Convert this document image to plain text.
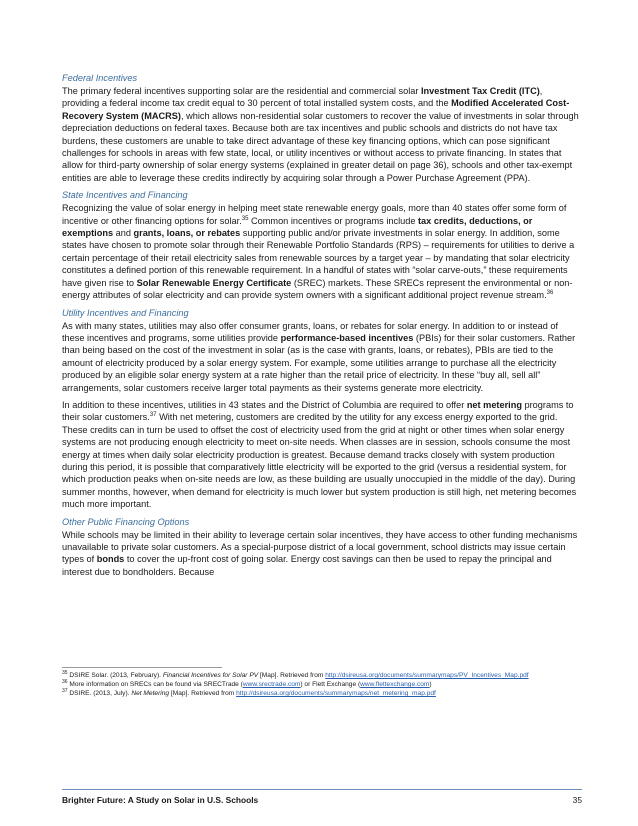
Federal Incentives

The primary federal incentives supporting solar are the residential and commercial solar Investment Tax Credit (ITC), providing a federal income tax credit equal to 30 percent of total installed system costs, and the Modified Accelerated Cost-Recovery System (MACRS), which allows non-residential solar customers to recover the value of investments in solar through depreciation deductions on federal taxes. Because both are tax incentives and public schools and districts do not have tax burdens, these customers are unable to take direct advantage of these key financing options, which can pose significant challenges for schools in areas with few state, local, or utility incentives or without access to private financing. In states that allow for third-party ownership of solar energy systems (explained in greater detail on page 36), schools and other tax-exempt entities are able to leverage these credits indirectly by acquiring solar through a Power Purchase Agreement (PPA).

State Incentives and Financing

Recognizing the value of solar energy in helping meet state renewable energy goals, more than 40 states offer some form of incentive or other financing options for solar.$^{35}$ Common incentives or programs include tax credits, deductions, or exemptions and grants, loans, or rebates supporting public and/or private investments in solar energy. In addition, some states have chosen to promote solar through their Renewable Portfolio Standards (RPS) – requirements for utilities to derive a certain percentage of their retail electricity sales from renewable sources by a target year – by mandating that solar electricity constitutes a defined portion of this renewable requirement. In a handful of states with “solar carve-outs,” these requirements have given rise to Solar Renewable Energy Certificate (SREC) markets. These SRECs represent the environmental or non-energy attributes of solar electricity and can provide system owners with a significant additional project revenue stream.$^{36}$

Utility Incentives and Financing

As with many states, utilities may also offer consumer grants, loans, or rebates for solar energy. In addition to or instead of these incentives and programs, some utilities provide performance-based incentives (PBIs) for their solar customers. Rather than being based on the cost of the investment in solar (as is the case with grants, loans, or rebates), PBIs are tied to the amount of electricity produced by a solar energy system. For example, some utilities arrange to purchase all the electricity produced by an eligible solar energy system at a rate higher than the retail price of electricity. In these “buy all, sell all” arrangements, solar customers receive larger total payments as their systems generate more electricity.

In addition to these incentives, utilities in 43 states and the District of Columbia are required to offer net metering programs to their solar customers.$^{37}$ With net metering, customers are credited by the utility for any excess energy exported to the grid. These credits can in turn be used to offset the cost of electricity used from the grid at night or other times when solar energy systems are not producing enough electricity to meet on-site needs. When classes are in session, schools consume the most energy at times when daily solar electricity production is greatest. Because demand tracks closely with system production during this period, it is possible that comparatively little electricity will be exported to the grid (versus a residential system, for which production peaks when on-site needs are low, as these building are usually unoccupied in the middle of the day). During summer months, however, when demand for electricity is much lower but system production is still high, net metering becomes much more important.

Other Public Financing Options

While schools may be limited in their ability to leverage certain solar incentives, they have access to other funding mechanisms unavailable to private solar customers. As a special-purpose district of a local government, school districts may issue certain types of bonds to cover the up-front cost of going solar. Energy cost savings can then be used to repay the principal and interest due to bondholders. Because

$^{35}$ DSIRE Solar. (2013, February). Financial Incentives for Solar PV [Map]. Retrieved from http://dsireusa.org/documents/summarymaps/PV_Incentives_Map.pdf

$^{36}$ More information on SRECs can be found via SRECTrade (www.srectrade.com) or Flett Exchange (www.flettexchange.com)

$^{37}$ DSIRE. (2013, July). Net Metering [Map]. Retrieved from http://dsireusa.org/documents/summarymaps/net_metering_map.pdf

Brighter Future: A Study on Solar in U.S. Schools	35
